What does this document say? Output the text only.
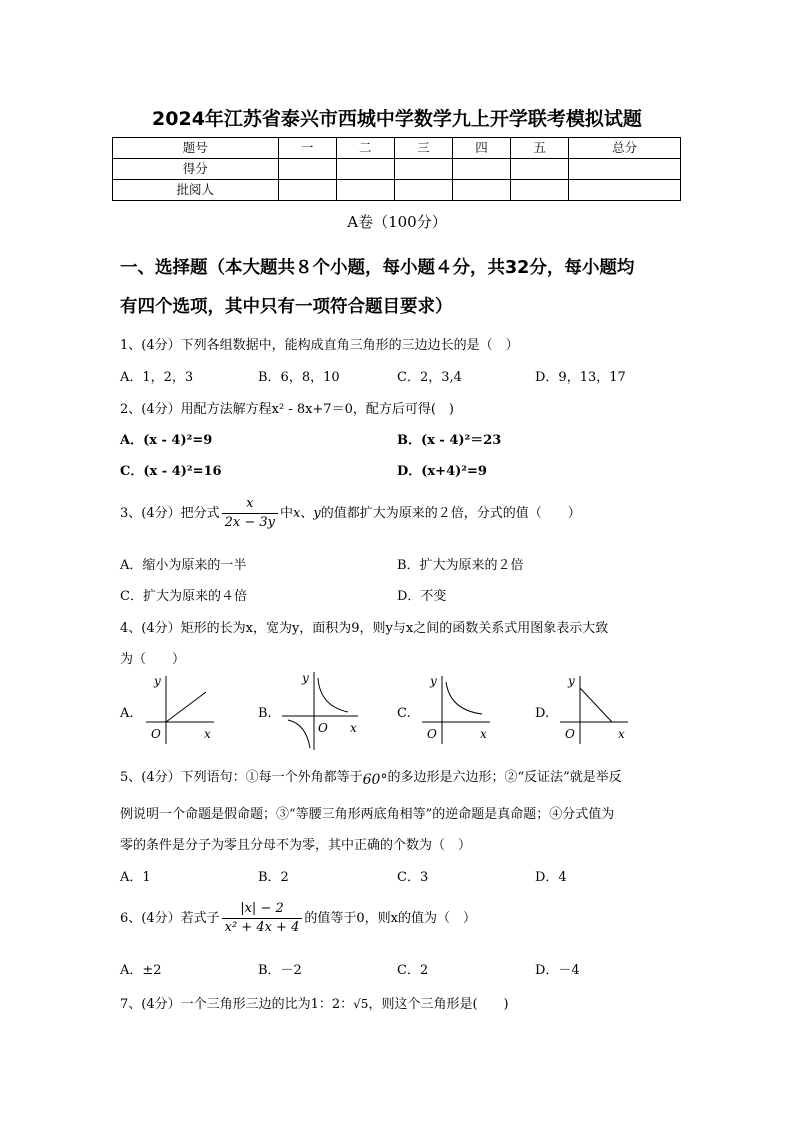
2024年江苏省泰兴市西城中学数学九上开学联考模拟试题
题号	一	二	三	四	五	总分
得分						
批阅人						
A卷（100分）
一、选择题（本大题共８个小题，每小题４分，共32分，每小题均
有四个选项，其中只有一项符合题目要求）
1、(4分）下列各组数据中，能构成直角三角形的三边边长的是（　）
A．1，2，3	B．6，8，10	C．2，3,4	D．9，13，17
2、(4分）用配方法解方程x² - 8x+7＝0，配方后可得(　)
A．(x - 4)²=9	B．(x - 4)²＝23
C．(x - 4)²=16	D．(x+4)²=9
3、(4分）把分式 $\frac{x}{2x - 3y}$ 中x、y的值都扩大为原来的２倍，分式的值（　　）
A．缩小为原来的一半	B．扩大为原来的２倍
C．扩大为原来的４倍	D．不变
4、(4分）矩形的长为x，宽为y，面积为9，则y与x之间的函数关系式用图象表示大致
为（　　）
A.
y
x
O
B.
y
x
O
C.
y
x
O
D.
y
x
O
5、(4分）下列语句：①每一个外角都等于60°的多边形是六边形；②“反证法”就是举反
例说明一个命题是假命题；③“等腰三角形两底角相等”的逆命题是真命题；④分式值为
零的条件是分子为零且分母不为零，其中正确的个数为（　）
A．1	B．2	C．3	D．4
6、(4分）若式子 $\frac{|x| - 2}{\text{x² + 4x + 4}}$ 的值等于0，则x的值为（　）
A．±2	B．－2	C．2	D．－4
7、(4分）一个三角形三边的比为1：2：√5，则这个三角形是(　　)
